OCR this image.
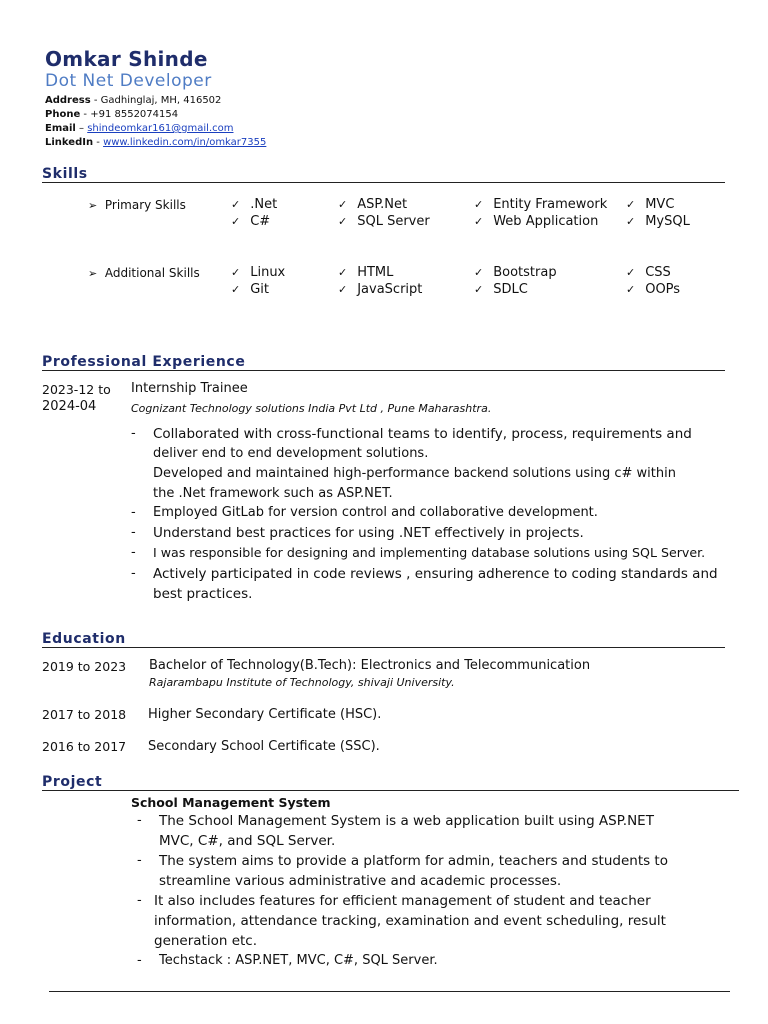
Omkar Shinde
Dot Net Developer
Address - Gadhinglaj, MH, 416502
Phone - +91 8552074154
Email – shindeomkar161@gmail.com
LinkedIn - www.linkedin.com/in/omkar7355
Skills
➢ Primary Skills	✓ .Net
✓ C#
✓ ASP.Net
✓ SQL Server
✓ Entity Framework
✓ Web Application
✓ MVC
✓ MySQL
➢ Additional Skills	✓ Linux
✓ Git
✓ HTML
✓ JavaScript
✓ Bootstrap
✓ SDLC
✓ CSS
✓ OOPs
Professional Experience
2023-12 to
2024-04
Internship Trainee
Cognizant Technology solutions India Pvt Ltd , Pune Maharashtra.
- Collaborated with cross-functional teams to identify, process, requirements and
deliver end to end development solutions.
Developed and maintained high-performance backend solutions using c# within
the .Net framework such as ASP.NET.
- Employed GitLab for version control and collaborative development.
- Understand best practices for using .NET effectively in projects.
- I was responsible for designing and implementing database solutions using SQL Server.
- Actively participated in code reviews , ensuring adherence to coding standards and
best practices.
Education
2019 to 2023 Bachelor of Technology(B.Tech): Electronics and Telecommunication
Rajarambapu Institute of Technology, shivaji University.
2017 to 2018 Higher Secondary Certificate (HSC).
2016 to 2017 Secondary School Certificate (SSC).
Project
School Management System
- The School Management System is a web application built using ASP.NET
MVC, C#, and SQL Server.
- The system aims to provide a platform for admin, teachers and students to
streamline various administrative and academic processes.
- It also includes features for efficient management of student and teacher
information, attendance tracking, examination and event scheduling, result
generation etc.
- Techstack : ASP.NET, MVC, C#, SQL Server.
